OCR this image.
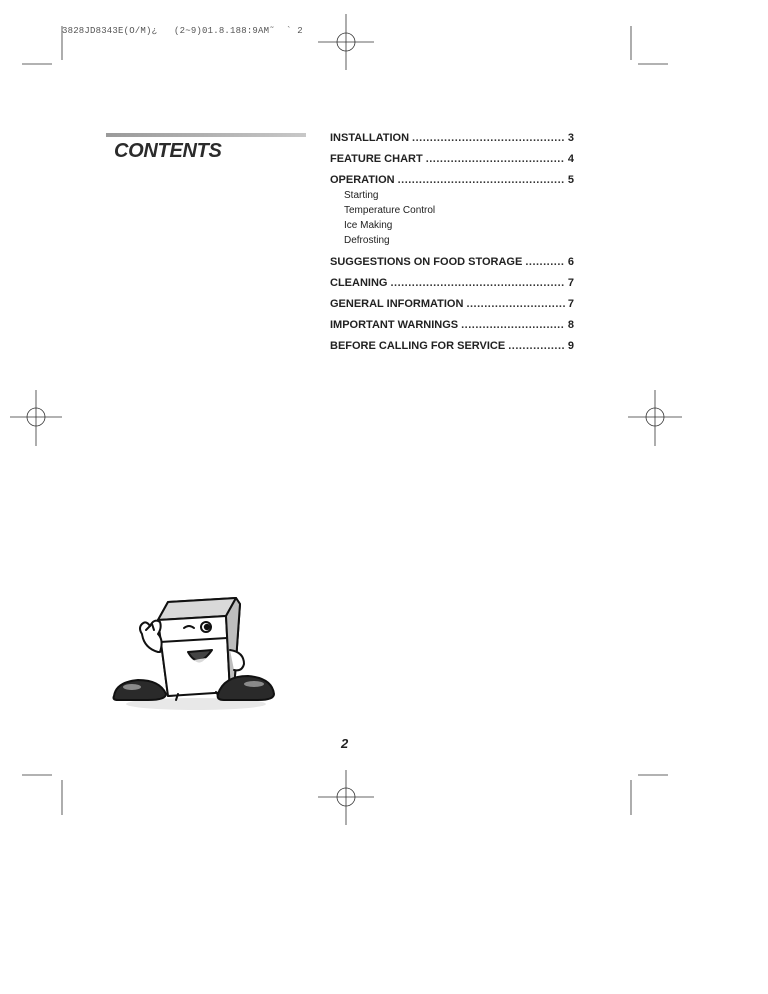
3828JD8343E(O/M)¿   (2~9)01.8.188:9AM˜  ` 2
CONTENTS
INSTALLATION .....	3
FEATURE CHART .....	4
OPERATION .....	5
Starting
Temperature Control
Ice Making
Defrosting
SUGGESTIONS ON FOOD STORAGE .....	6
CLEANING .....	7
GENERAL INFORMATION .....	7
IMPORTANT WARNINGS .....	8
BEFORE CALLING FOR SERVICE .....	9
2
